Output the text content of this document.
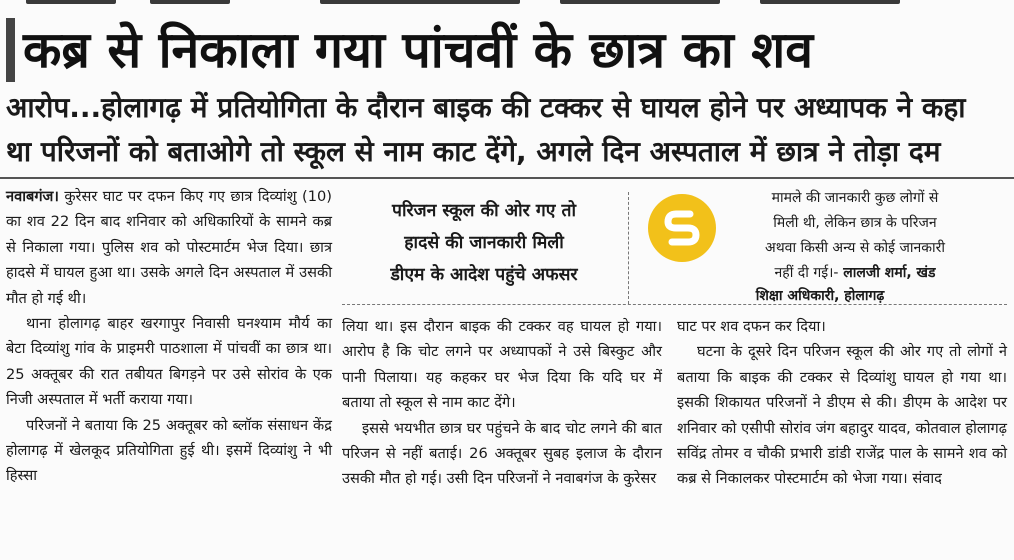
कब्र से निकाला गया पांचवीं के छात्र का शव
आरोप...होलागढ़ में प्रतियोगिता के दौरान बाइक की टक्कर से घायल होने पर अध्यापक ने कहा
था परिजनों को बताओगे तो स्कूल से नाम काट देंगे, अगले दिन अस्पताल में छात्र ने तोड़ा दम

नवाबगंज। कुरेसर घाट पर दफन किए गए छात्र दिव्यांशु (10) का शव 22 दिन बाद शनिवार को अधिकारियों के सामने कब्र से निकाला गया। पुलिस शव को पोस्टमार्टम भेज दिया। छात्र हादसे में घायल हुआ था। उसके अगले दिन अस्पताल में उसकी मौत हो गई थी।

थाना होलागढ़ बाहर खरगापुर निवासी घनश्याम मौर्य का बेटा दिव्यांशु गांव के प्राइमरी पाठशाला में पांचवीं का छात्र था। 25 अक्तूबर की रात तबीयत बिगड़ने पर उसे सोरांव के एक निजी अस्पताल में भर्ती कराया गया।

परिजनों ने बताया कि 25 अक्तूबर को ब्लॉक संसाधन केंद्र होलागढ़ में खेलकूद प्रतियोगिता हुई थी। इसमें दिव्यांशु ने भी हिस्सा

परिजन स्कूल की ओर गए तो
हादसे की जानकारी मिली
डीएम के आदेश पहुंचे अफसर
मामले की जानकारी कुछ लोगों से
मिली थी, लेकिन छात्र के परिजन
अथवा किसी अन्य से कोई जानकारी
नहीं दी गई।- लालजी शर्मा, खंड
शिक्षा अधिकारी, होलागढ़

लिया था। इस दौरान बाइक की टक्कर वह घायल हो गया। आरोप है कि चोट लगने पर अध्यापकों ने उसे बिस्कुट और पानी पिलाया। यह कहकर घर भेज दिया कि यदि घर में बताया तो स्कूल से नाम काट देंगे।

इससे भयभीत छात्र घर पहुंचने के बाद चोट लगने की बात परिजन से नहीं बताई। 26 अक्तूबर सुबह इलाज के दौरान उसकी मौत हो गई। उसी दिन परिजनों ने नवाबगंज के कुरेसर

घाट पर शव दफन कर दिया।

घटना के दूसरे दिन परिजन स्कूल की ओर गए तो लोगों ने बताया कि बाइक की टक्कर से दिव्यांशु घायल हो गया था। इसकी शिकायत परिजनों ने डीएम से की। डीएम के आदेश पर शनिवार को एसीपी सोरांव जंग बहादुर यादव, कोतवाल होलागढ़ सविंद्र तोमर व चौकी प्रभारी डांडी राजेंद्र पाल के सामने शव को कब्र से निकालकर पोस्टमार्टम को भेजा गया। संवाद
